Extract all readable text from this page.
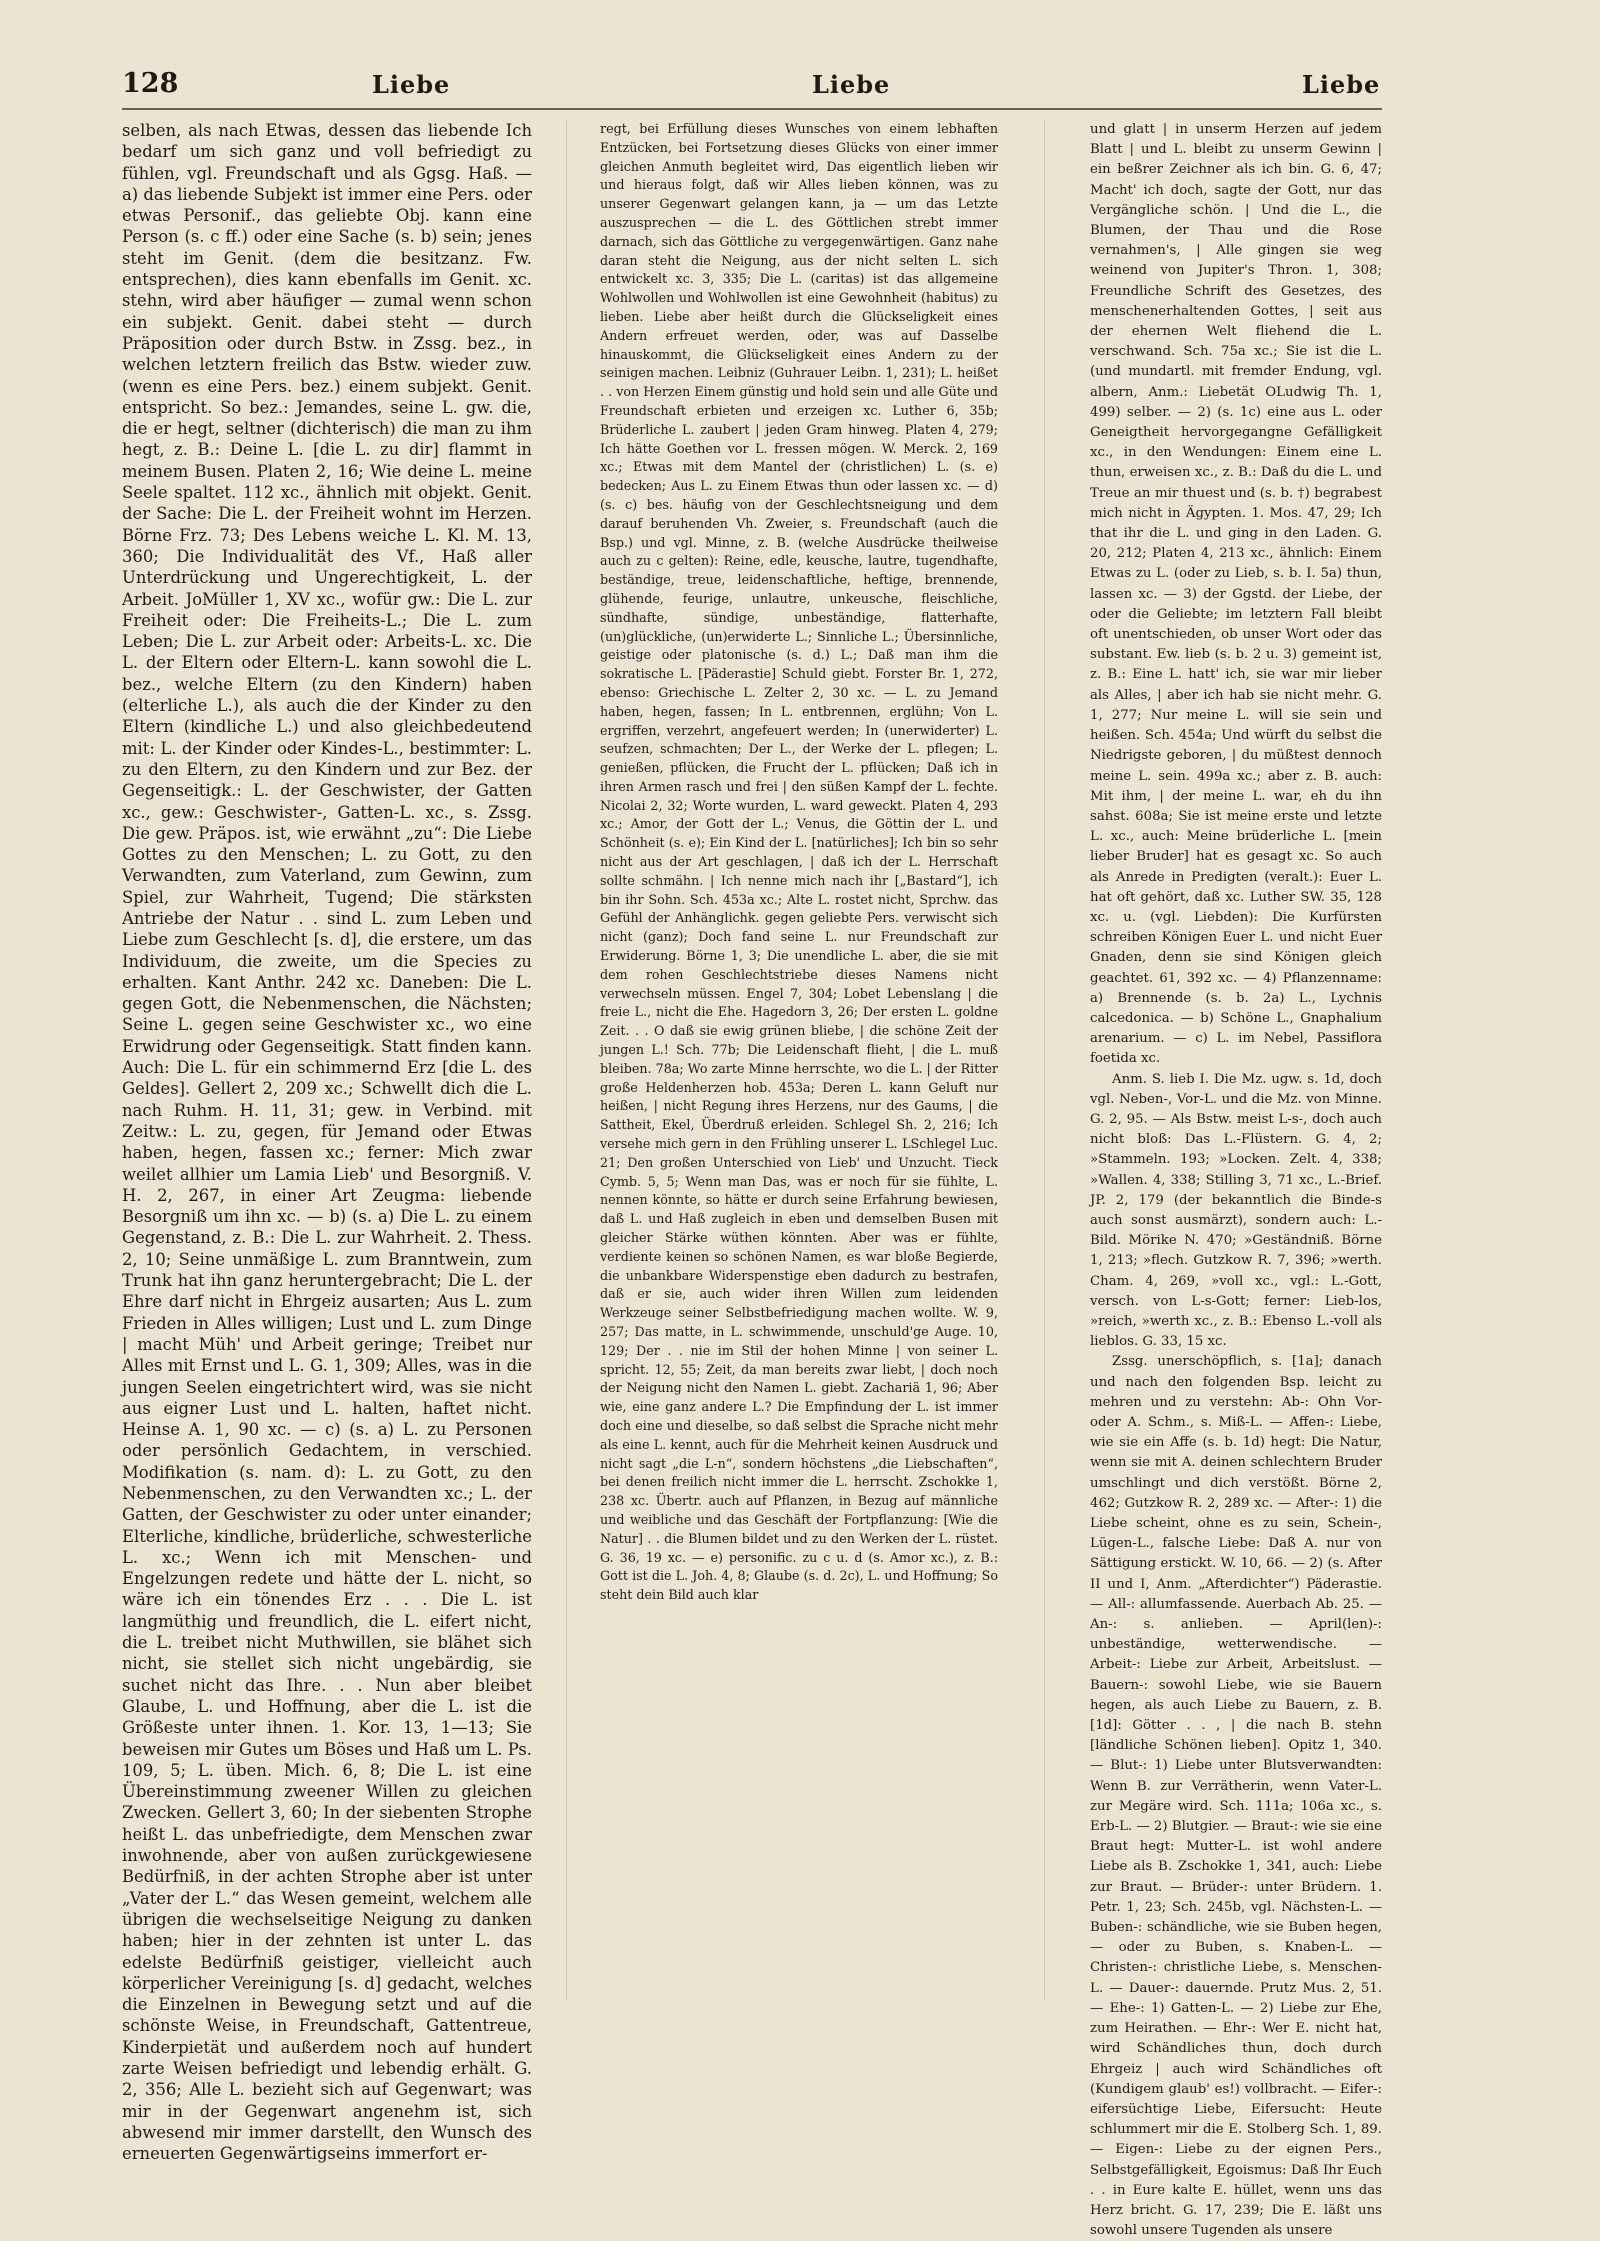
128	Liebe	Liebe	Liebe

selben, als nach Etwas, dessen das liebende Ich bedarf um sich ganz und voll befriedigt zu fühlen, vgl. Freundschaft und als Ggsg. Haß. — a) das liebende Subjekt ist immer eine Pers. oder etwas Personif., das geliebte Obj. kann eine Person (s. c ff.) oder eine Sache (s. b) sein; jenes steht im Genit. (dem die besitzanz. Fw. entsprechen), dies kann ebenfalls im Genit. xc. stehn, wird aber häufiger — zumal wenn schon ein subjekt. Genit. dabei steht — durch Präposition oder durch Bstw. in Zssg. bez., in welchen letztern freilich das Bstw. wieder zuw. (wenn es eine Pers. bez.) einem subjekt. Genit. entspricht. So bez.: Jemandes, seine L. gw. die, die er hegt, seltner (dichterisch) die man zu ihm hegt, z. B.: Deine L. [die L. zu dir] flammt in meinem Busen. Platen 2, 16; Wie deine L. meine Seele spaltet. 112 xc., ähnlich mit objekt. Genit. der Sache: Die L. der Freiheit wohnt im Herzen. Börne Frz. 73; Des Lebens weiche L. Kl. M. 13, 360; Die Individualität des Vf., Haß aller Unterdrückung und Ungerechtigkeit, L. der Arbeit. JoMüller 1, XV xc., wofür gw.: Die L. zur Freiheit oder: Die Freiheits-L.; Die L. zum Leben; Die L. zur Arbeit oder: Arbeits-L. xc. Die L. der Eltern oder Eltern-L. kann sowohl die L. bez., welche Eltern (zu den Kindern) haben (elterliche L.), als auch die der Kinder zu den Eltern (kindliche L.) und also gleichbedeutend mit: L. der Kinder oder Kindes-L., bestimmter: L. zu den Eltern, zu den Kindern und zur Bez. der Gegenseitigk.: L. der Geschwister, der Gatten xc., gew.: Geschwister-, Gatten-L. xc., s. Zssg. Die gew. Präpos. ist, wie erwähnt „zu“: Die Liebe Gottes zu den Menschen; L. zu Gott, zu den Verwandten, zum Vaterland, zum Gewinn, zum Spiel, zur Wahrheit, Tugend; Die stärksten Antriebe der Natur . . sind L. zum Leben und Liebe zum Geschlecht [s. d], die erstere, um das Individuum, die zweite, um die Species zu erhalten. Kant Anthr. 242 xc. Daneben: Die L. gegen Gott, die Nebenmenschen, die Nächsten; Seine L. gegen seine Geschwister xc., wo eine Erwidrung oder Gegenseitigk. Statt finden kann. Auch: Die L. für ein schimmernd Erz [die L. des Geldes]. Gellert 2, 209 xc.; Schwellt dich die L. nach Ruhm. H. 11, 31; gew. in Verbind. mit Zeitw.: L. zu, gegen, für Jemand oder Etwas haben, hegen, fassen xc.; ferner: Mich zwar weilet allhier um Lamia Lieb' und Besorgniß. V. H. 2, 267, in einer Art Zeugma: liebende Besorgniß um ihn xc. — b) (s. a) Die L. zu einem Gegenstand, z. B.: Die L. zur Wahrheit. 2. Thess. 2, 10; Seine unmäßige L. zum Branntwein, zum Trunk hat ihn ganz heruntergebracht; Die L. der Ehre darf nicht in Ehrgeiz ausarten; Aus L. zum Frieden in Alles willigen; Lust und L. zum Dinge | macht Müh' und Arbeit geringe; Treibet nur Alles mit Ernst und L. G. 1, 309; Alles, was in die jungen Seelen eingetrichtert wird, was sie nicht aus eigner Lust und L. halten, haftet nicht. Heinse A. 1, 90 xc. — c) (s. a) L. zu Personen oder persönlich Gedachtem, in verschied. Modifikation (s. nam. d): L. zu Gott, zu den Nebenmenschen, zu den Verwandten xc.; L. der Gatten, der Geschwister zu oder unter einander; Elterliche, kindliche, brüderliche, schwesterliche L. xc.; Wenn ich mit Menschen- und Engelzungen redete und hätte der L. nicht, so wäre ich ein tönendes Erz . . . Die L. ist langmüthig und freundlich, die L. eifert nicht, die L. treibet nicht Muthwillen, sie blähet sich nicht, sie stellet sich nicht ungebärdig, sie suchet nicht das Ihre. . . Nun aber bleibet Glaube, L. und Hoffnung, aber die L. ist die Größeste unter ihnen. 1. Kor. 13, 1—13; Sie beweisen mir Gutes um Böses und Haß um L. Ps. 109, 5; L. üben. Mich. 6, 8; Die L. ist eine Übereinstimmung zweener Willen zu gleichen Zwecken. Gellert 3, 60; In der siebenten Strophe heißt L. das unbefriedigte, dem Menschen zwar inwohnende, aber von außen zurückgewiesene Bedürfniß, in der achten Strophe aber ist unter „Vater der L.“ das Wesen gemeint, welchem alle übrigen die wechselseitige Neigung zu danken haben; hier in der zehnten ist unter L. das edelste Bedürfniß geistiger, vielleicht auch körperlicher Vereinigung [s. d] gedacht, welches die Einzelnen in Bewegung setzt und auf die schönste Weise, in Freundschaft, Gattentreue, Kinderpietät und außerdem noch auf hundert zarte Weisen befriedigt und lebendig erhält. G. 2, 356; Alle L. bezieht sich auf Gegenwart; was mir in der Gegenwart angenehm ist, sich abwesend mir immer darstellt, den Wunsch des erneuerten Gegenwärtigseins immerfort er-

regt, bei Erfüllung dieses Wunsches von einem lebhaften Entzücken, bei Fortsetzung dieses Glücks von einer immer gleichen Anmuth begleitet wird, Das eigentlich lieben wir und hieraus folgt, daß wir Alles lieben können, was zu unserer Gegenwart gelangen kann, ja — um das Letzte auszusprechen — die L. des Göttlichen strebt immer darnach, sich das Göttliche zu vergegenwärtigen. Ganz nahe daran steht die Neigung, aus der nicht selten L. sich entwickelt xc. 3, 335; Die L. (caritas) ist das allgemeine Wohlwollen und Wohlwollen ist eine Gewohnheit (habitus) zu lieben. Liebe aber heißt durch die Glückseligkeit eines Andern erfreuet werden, oder, was auf Dasselbe hinauskommt, die Glückseligkeit eines Andern zu der seinigen machen. Leibniz (Guhrauer Leibn. 1, 231); L. heißet . . von Herzen Einem günstig und hold sein und alle Güte und Freundschaft erbieten und erzeigen xc. Luther 6, 35b; Brüderliche L. zaubert | jeden Gram hinweg. Platen 4, 279; Ich hätte Goethen vor L. fressen mögen. W. Merck. 2, 169 xc.; Etwas mit dem Mantel der (christlichen) L. (s. e) bedecken; Aus L. zu Einem Etwas thun oder lassen xc. — d) (s. c) bes. häufig von der Geschlechtsneigung und dem darauf beruhenden Vh. Zweier, s. Freundschaft (auch die Bsp.) und vgl. Minne, z. B. (welche Ausdrücke theilweise auch zu c gelten): Reine, edle, keusche, lautre, tugendhafte, beständige, treue, leidenschaftliche, heftige, brennende, glühende, feurige, unlautre, unkeusche, fleischliche, sündhafte, sündige, unbeständige, flatterhafte, (un)glückliche, (un)erwiderte L.; Sinnliche L.; Übersinnliche, geistige oder platonische (s. d.) L.; Daß man ihm die sokratische L. [Päderastie] Schuld giebt. Forster Br. 1, 272, ebenso: Griechische L. Zelter 2, 30 xc. — L. zu Jemand haben, hegen, fassen; In L. entbrennen, erglühn; Von L. ergriffen, verzehrt, angefeuert werden; In (unerwiderter) L. seufzen, schmachten; Der L., der Werke der L. pflegen; L. genießen, pflücken, die Frucht der L. pflücken; Daß ich in ihren Armen rasch und frei | den süßen Kampf der L. fechte. Nicolai 2, 32; Worte wurden, L. ward geweckt. Platen 4, 293 xc.; Amor, der Gott der L.; Venus, die Göttin der L. und Schönheit (s. e); Ein Kind der L. [natürliches]; Ich bin so sehr nicht aus der Art geschlagen, | daß ich der L. Herrschaft sollte schmähn. | Ich nenne mich nach ihr [„Bastard“], ich bin ihr Sohn. Sch. 453a xc.; Alte L. rostet nicht, Sprchw. das Gefühl der Anhänglichk. gegen geliebte Pers. verwischt sich nicht (ganz); Doch fand seine L. nur Freundschaft zur Erwiderung. Börne 1, 3; Die unendliche L. aber, die sie mit dem rohen Geschlechtstriebe dieses Namens nicht verwechseln müssen. Engel 7, 304; Lobet Lebenslang | die freie L., nicht die Ehe. Hagedorn 3, 26; Der ersten L. goldne Zeit. . . O daß sie ewig grünen bliebe, | die schöne Zeit der jungen L.! Sch. 77b; Die Leidenschaft flieht, | die L. muß bleiben. 78a; Wo zarte Minne herrschte, wo die L. | der Ritter große Heldenherzen hob. 453a; Deren L. kann Geluft nur heißen, | nicht Regung ihres Herzens, nur des Gaums, | die Sattheit, Ekel, Überdruß erleiden. Schlegel Sh. 2, 216; Ich versehe mich gern in den Frühling unserer L. LSchlegel Luc. 21; Den großen Unterschied von Lieb' und Unzucht. Tieck Cymb. 5, 5; Wenn man Das, was er noch für sie fühlte, L. nennen könnte, so hätte er durch seine Erfahrung bewiesen, daß L. und Haß zugleich in eben und demselben Busen mit gleicher Stärke wüthen könnten. Aber was er fühlte, verdiente keinen so schönen Namen, es war bloße Begierde, die unbankbare Widerspenstige eben dadurch zu bestrafen, daß er sie, auch wider ihren Willen zum leidenden Werkzeuge seiner Selbstbefriedigung machen wollte. W. 9, 257; Das matte, in L. schwimmende, unschuld'ge Auge. 10, 129; Der . . nie im Stil der hohen Minne | von seiner L. spricht. 12, 55; Zeit, da man bereits zwar liebt, | doch noch der Neigung nicht den Namen L. giebt. Zachariä 1, 96; Aber wie, eine ganz andere L.? Die Empfindung der L. ist immer doch eine und dieselbe, so daß selbst die Sprache nicht mehr als eine L. kennt, auch für die Mehrheit keinen Ausdruck und nicht sagt „die L-n“, sondern höchstens „die Liebschaften“, bei denen freilich nicht immer die L. herrscht. Zschokke 1, 238 xc. Übertr. auch auf Pflanzen, in Bezug auf männliche und weibliche und das Geschäft der Fortpflanzung: [Wie die Natur] . . die Blumen bildet und zu den Werken der L. rüstet. G. 36, 19 xc. — e) personific. zu c u. d (s. Amor xc.), z. B.: Gott ist die L. Joh. 4, 8; Glaube (s. d. 2c), L. und Hoffnung; So steht dein Bild auch klar

und glatt | in unserm Herzen auf jedem Blatt | und L. bleibt zu unserm Gewinn | ein beßrer Zeichner als ich bin. G. 6, 47; Macht' ich doch, sagte der Gott, nur das Vergängliche schön. | Und die L., die Blumen, der Thau und die Rose vernahmen's, | Alle gingen sie weg weinend von Jupiter's Thron. 1, 308; Freundliche Schrift des Gesetzes, des menschenerhaltenden Gottes, | seit aus der ehernen Welt fliehend die L. verschwand. Sch. 75a xc.; Sie ist die L. (und mundartl. mit fremder Endung, vgl. albern, Anm.: Liebetät OLudwig Th. 1, 499) selber. — 2) (s. 1c) eine aus L. oder Geneigtheit hervorgegangne Gefälligkeit xc., in den Wendungen: Einem eine L. thun, erweisen xc., z. B.: Daß du die L. und Treue an mir thuest und (s. b. †) begrabest mich nicht in Ägypten. 1. Mos. 47, 29; Ich that ihr die L. und ging in den Laden. G. 20, 212; Platen 4, 213 xc., ähnlich: Einem Etwas zu L. (oder zu Lieb, s. b. I. 5a) thun, lassen xc. — 3) der Ggstd. der Liebe, der oder die Geliebte; im letztern Fall bleibt oft unentschieden, ob unser Wort oder das substant. Ew. lieb (s. b. 2 u. 3) gemeint ist, z. B.: Eine L. hatt' ich, sie war mir lieber als Alles, | aber ich hab sie nicht mehr. G. 1, 277; Nur meine L. will sie sein und heißen. Sch. 454a; Und würft du selbst die Niedrigste geboren, | du müßtest dennoch meine L. sein. 499a xc.; aber z. B. auch: Mit ihm, | der meine L. war, eh du ihn sahst. 608a; Sie ist meine erste und letzte L. xc., auch: Meine brüderliche L. [mein lieber Bruder] hat es gesagt xc. So auch als Anrede in Predigten (veralt.): Euer L. hat oft gehört, daß xc. Luther SW. 35, 128 xc. u. (vgl. Liebden): Die Kurfürsten schreiben Königen Euer L. und nicht Euer Gnaden, denn sie sind Königen gleich geachtet. 61, 392 xc. — 4) Pflanzenname: a) Brennende (s. b. 2a) L., Lychnis calcedonica. — b) Schöne L., Gnaphalium arenarium. — c) L. im Nebel, Passiflora foetida xc.

Anm. S. lieb I. Die Mz. ugw. s. 1d, doch vgl. Neben-, Vor-L. und die Mz. von Minne. G. 2, 95. — Als Bstw. meist L-s-, doch auch nicht bloß: Das L.-Flüstern. G. 4, 2; »Stammeln. 193; »Locken. Zelt. 4, 338; »Wallen. 4, 338; Stilling 3, 71 xc., L.-Brief. JP. 2, 179 (der bekanntlich die Binde-s auch sonst ausmärzt), sondern auch: L.-Bild. Mörike N. 470; »Geständniß. Börne 1, 213; »flech. Gutzkow R. 7, 396; »werth. Cham. 4, 269, »voll xc., vgl.: L.-Gott, versch. von L-s-Gott; ferner: Lieb-los, »reich, »werth xc., z. B.: Ebenso L.-voll als lieblos. G. 33, 15 xc.

Zssg. unerschöpflich, s. [1a]; danach und nach den folgenden Bsp. leicht zu mehren und zu verstehn: Ab-: Ohn Vor- oder A. Schm., s. Miß-L. — Affen-: Liebe, wie sie ein Affe (s. b. 1d) hegt: Die Natur, wenn sie mit A. deinen schlechtern Bruder umschlingt und dich verstößt. Börne 2, 462; Gutzkow R. 2, 289 xc. — After-: 1) die Liebe scheint, ohne es zu sein, Schein-, Lügen-L., falsche Liebe: Daß A. nur von Sättigung erstickt. W. 10, 66. — 2) (s. After II und I, Anm. „Afterdichter“) Päderastie. — All-: allumfassende. Auerbach Ab. 25. — An-: s. anlieben. — April(len)-: unbeständige, wetterwendische. — Arbeit-: Liebe zur Arbeit, Arbeitslust. — Bauern-: sowohl Liebe, wie sie Bauern hegen, als auch Liebe zu Bauern, z. B. [1d]: Götter . . , | die nach B. stehn [ländliche Schönen lieben]. Opitz 1, 340. — Blut-: 1) Liebe unter Blutsverwandten: Wenn B. zur Verrätherin, wenn Vater-L. zur Megäre wird. Sch. 111a; 106a xc., s. Erb-L. — 2) Blutgier. — Braut-: wie sie eine Braut hegt: Mutter-L. ist wohl andere Liebe als B. Zschokke 1, 341, auch: Liebe zur Braut. — Brüder-: unter Brüdern. 1. Petr. 1, 23; Sch. 245b, vgl. Nächsten-L. — Buben-: schändliche, wie sie Buben hegen, — oder zu Buben, s. Knaben-L. — Christen-: christliche Liebe, s. Menschen-L. — Dauer-: dauernde. Prutz Mus. 2, 51. — Ehe-: 1) Gatten-L. — 2) Liebe zur Ehe, zum Heirathen. — Ehr-: Wer E. nicht hat, wird Schändliches thun, doch durch Ehrgeiz | auch wird Schändliches oft (Kundigem glaub' es!) vollbracht. — Eifer-: eifersüchtige Liebe, Eifersucht: Heute schlummert mir die E. Stolberg Sch. 1, 89. — Eigen-: Liebe zu der eignen Pers., Selbstgefälligkeit, Egoismus: Daß Ihr Euch . . in Eure kalte E. hüllet, wenn uns das Herz bricht. G. 17, 239; Die E. läßt uns sowohl unsere Tugenden als unsere
